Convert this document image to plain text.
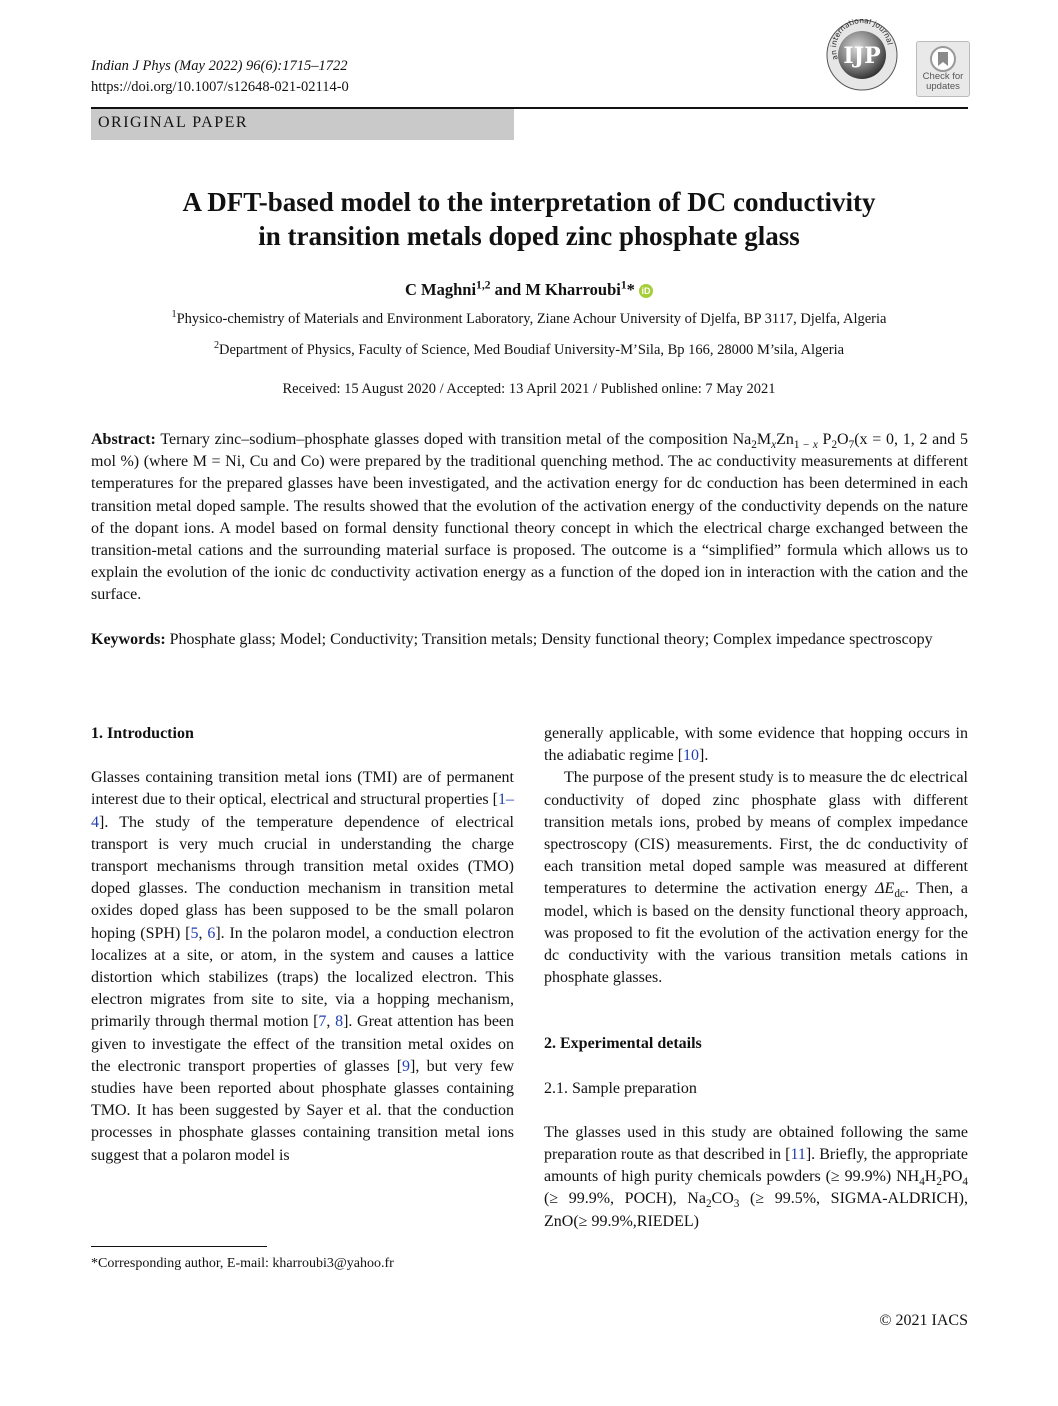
Indian J Phys (May 2022) 96(6):1715–1722
https://doi.org/10.1007/s12648-021-02114-0
an international journal
IJP
Check for
updates
ORIGINAL PAPER
A DFT-based model to the interpretation of DC conductivity
in transition metals doped zinc phosphate glass
C Maghni$^{1,2}$ and M Kharroubi$^1$* iD
$^1$Physico-chemistry of Materials and Environment Laboratory, Ziane Achour University of Djelfa, BP 3117, Djelfa, Algeria
$^2$Department of Physics, Faculty of Science, Med Boudiaf University-M’Sila, Bp 166, 28000 M’sila, Algeria
Received: 15 August 2020 / Accepted: 13 April 2021 / Published online: 7 May 2021
Abstract: Ternary zinc–sodium–phosphate glasses doped with transition metal of the composition $Na_2M_xZn_{1 - x}$ $P_2O_7(x = 0$, 1, 2 and 5 mol %) (where M = Ni, Cu and Co) were prepared by the traditional quenching method. The ac conductivity measurements at different temperatures for the prepared glasses have been investigated, and the activation energy for dc conduction has been determined in each transition metal doped sample. The results showed that the evolution of the activation energy of the conductivity depends on the nature of the dopant ions. A model based on formal density functional theory concept in which the electrical charge exchanged between the transition-metal cations and the surrounding material surface is proposed. The outcome is a “simplified” formula which allows us to explain the evolution of the ionic dc conductivity activation energy as a function of the doped ion in interaction with the cation and the surface.
Keywords: Phosphate glass; Model; Conductivity; Transition metals; Density functional theory; Complex impedance spectroscopy
1. Introduction

Glasses containing transition metal ions (TMI) are of permanent interest due to their optical, electrical and structural properties [1–4]. The study of the temperature dependence of electrical transport is very much crucial in understanding the charge transport mechanisms through transition metal oxides (TMO) doped glasses. The conduction mechanism in transition metal oxides doped glass has been supposed to be the small polaron hoping (SPH) [5, 6]. In the polaron model, a conduction electron localizes at a site, or atom, in the system and causes a lattice distortion which stabilizes (traps) the localized electron. This electron migrates from site to site, via a hopping mechanism, primarily through thermal motion [7, 8]. Great attention has been given to investigate the effect of the transition metal oxides on the electronic transport properties of glasses [9], but very few studies have been reported about phosphate glasses containing TMO. It has been suggested by Sayer et al. that the conduction processes in phosphate glasses containing transition metal ions suggest that a polaron model is

generally applicable, with some evidence that hopping occurs in the adiabatic regime [10].

The purpose of the present study is to measure the dc electrical conductivity of doped zinc phosphate glass with different transition metals ions, probed by means of complex impedance spectroscopy (CIS) measurements. First, the dc conductivity of each transition metal doped sample was measured at different temperatures to determine the activation energy $\Delta E_{dc}$. Then, a model, which is based on the density functional theory approach, was proposed to fit the evolution of the activation energy for the dc conductivity with the various transition metals cations in phosphate glasses.

2. Experimental details
2.1. Sample preparation

The glasses used in this study are obtained following the same preparation route as that described in [11]. Briefly, the appropriate amounts of high purity chemicals powders (≥ 99.9%) $NH_4H_2PO_4$ (≥ 99.9%, POCH), $Na_2CO_3$ (≥ 99.5%, SIGMA-ALDRICH), ZnO(≥ 99.9%,RIEDEL)

*Corresponding author, E-mail: kharroubi3@yahoo.fr
© 2021 IACS
